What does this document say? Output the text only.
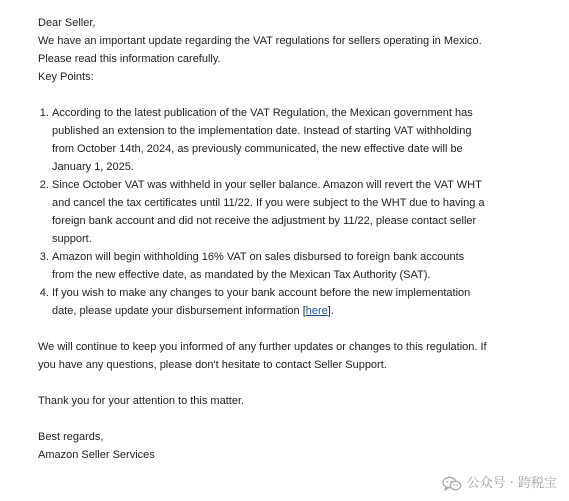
Dear Seller,

We have an important update regarding the VAT regulations for sellers operating in Mexico.

Please read this information carefully.

Key Points:

1. According to the latest publication of the VAT Regulation, the Mexican government has
published an extension to the implementation date. Instead of starting VAT withholding
from October 14th, 2024, as previously communicated, the new effective date will be
January 1, 2025.
2. Since October VAT was withheld in your seller balance. Amazon will revert the VAT WHT
and cancel the tax certificates until 11/22. If you were subject to the WHT due to having a
foreign bank account and did not receive the adjustment by 11/22, please contact seller
support.
3. Amazon will begin withholding 16% VAT on sales disbursed to foreign bank accounts
from the new effective date, as mandated by the Mexican Tax Authority (SAT).
4. If you wish to make any changes to your bank account before the new implementation
date, please update your disbursement information [here].

We will continue to keep you informed of any further updates or changes to this regulation. If

you have any questions, please don't hesitate to contact Seller Support.

Thank you for your attention to this matter.

Best regards,

Amazon Seller Services

公众号 · 跨税宝
